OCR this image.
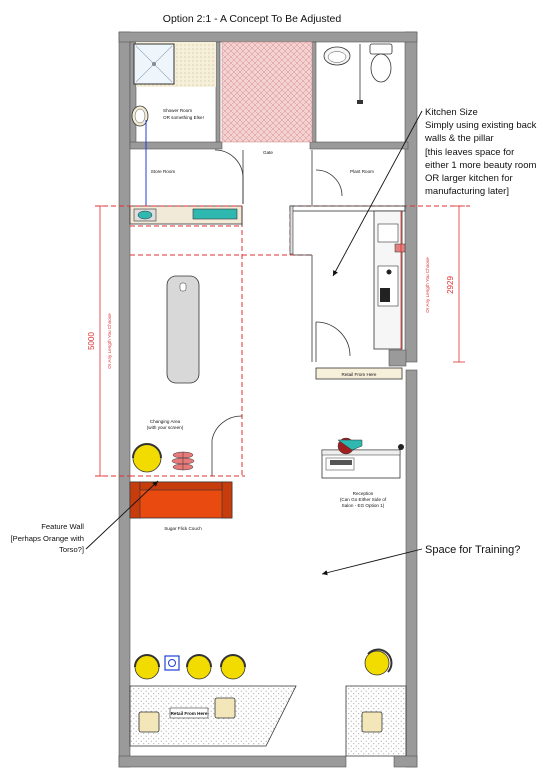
Option 2:1 - A Concept To Be Adjusted
Shower Room
OR something Else!
Gate
Store Room	Plant Room
Retail From Here
Changing Area
(with your screen)
Sugar Flick Couch
Reception
(Can Go Either Side of
Salon - EG Option 1)
Retail From Here
5000 Or Any Length You Choose
2929
Or Any Length You Choose
Kitchen Size
Simply using existing back
walls & the pillar
[this leaves space for
either 1 more beauty room
OR larger kitchen for
manufacturing later]
Feature Wall
[Perhaps Orange with
Torso?]	Space for Training?
